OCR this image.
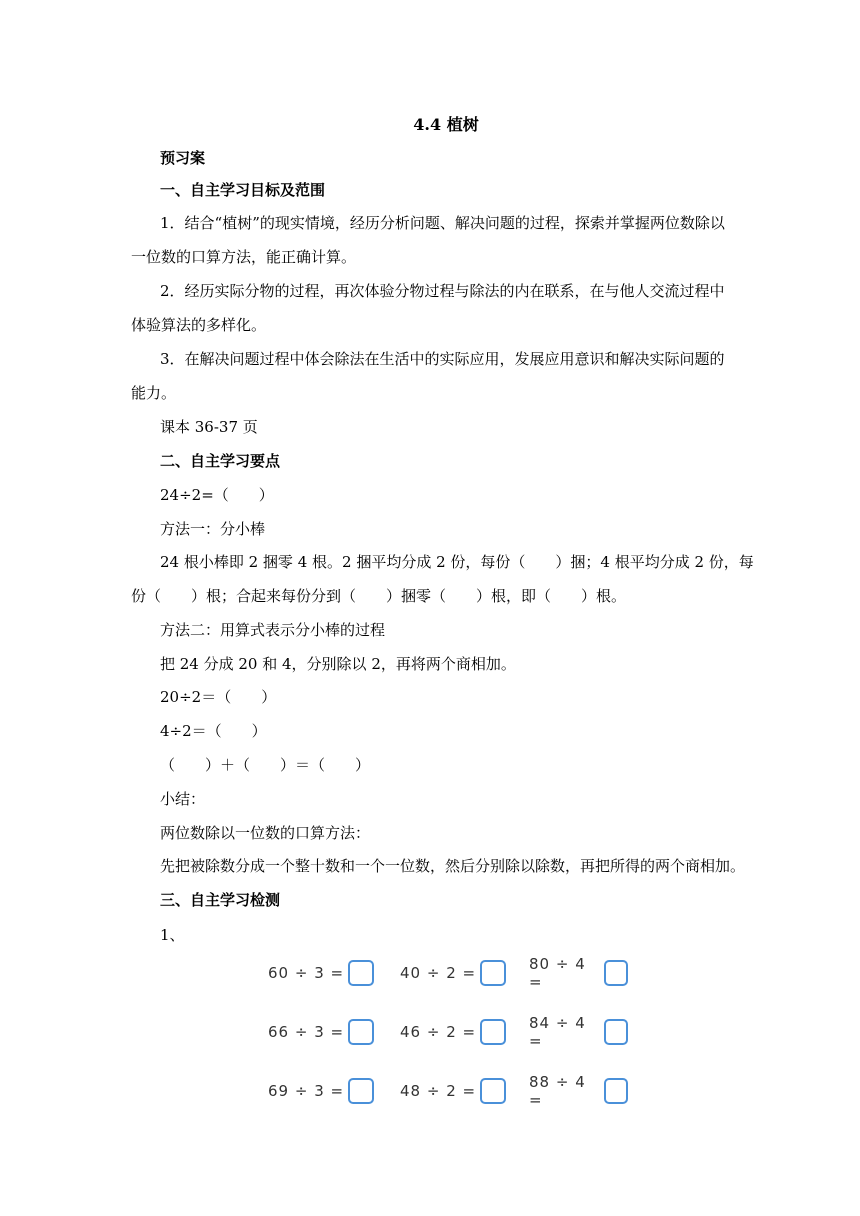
4.4 植树
预习案
一、自主学习目标及范围
1．结合“植树”的现实情境，经历分析问题、解决问题的过程，探索并掌握两位数除以
一位数的口算方法，能正确计算。
2．经历实际分物的过程，再次体验分物过程与除法的内在联系，在与他人交流过程中
体验算法的多样化。
3．在解决问题过程中体会除法在生活中的实际应用，发展应用意识和解决实际问题的
能力。
课本 36-37 页
二、自主学习要点
24÷2=（　　）
方法一：分小棒
24 根小棒即 2 捆零 4 根。2 捆平均分成 2 份，每份（　　）捆；4 根平均分成 2 份，每
份（　　）根；合起来每份分到（　　）捆零（　　）根，即（　　）根。
方法二：用算式表示分小棒的过程
把 24 分成 20 和 4，分别除以 2，再将两个商相加。
20÷2＝（　　）
4÷2＝（　　）
（　　）＋（　　）＝（　　）
小结：
两位数除以一位数的口算方法：
先把被除数分成一个整十数和一个一位数，然后分别除以除数，再把所得的两个商相加。
三、自主学习检测
1、
60 ÷ 3 =	40 ÷ 2 =	80 ÷ 4 =
66 ÷ 3 =	46 ÷ 2 =	84 ÷ 4 =
69 ÷ 3 =	48 ÷ 2 =	88 ÷ 4 =
